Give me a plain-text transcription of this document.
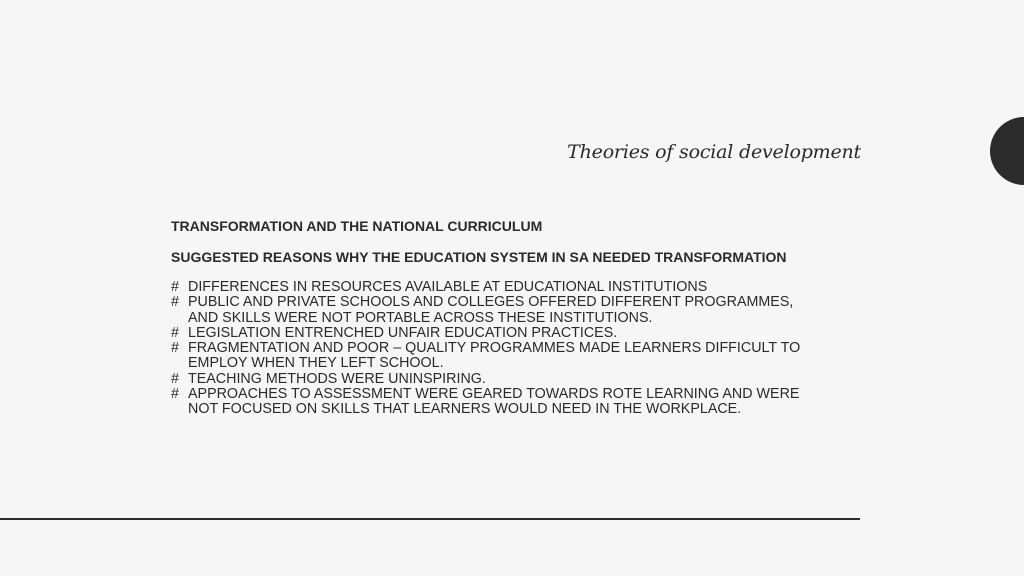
Theories of social development

TRANSFORMATION AND THE NATIONAL CURRICULUM

SUGGESTED REASONS WHY THE EDUCATION SYSTEM IN SA NEEDED TRANSFORMATION

# DIFFERENCES IN RESOURCES AVAILABLE AT EDUCATIONAL INSTITUTIONS
# PUBLIC AND PRIVATE SCHOOLS AND COLLEGES OFFERED DIFFERENT PROGRAMMES,
AND SKILLS WERE NOT PORTABLE ACROSS THESE INSTITUTIONS.
# LEGISLATION ENTRENCHED UNFAIR EDUCATION PRACTICES.
# FRAGMENTATION AND POOR – QUALITY PROGRAMMES MADE LEARNERS DIFFICULT TO
EMPLOY WHEN THEY LEFT SCHOOL.
# TEACHING METHODS WERE UNINSPIRING.
# APPROACHES TO ASSESSMENT WERE GEARED TOWARDS ROTE LEARNING AND WERE
NOT FOCUSED ON SKILLS THAT LEARNERS WOULD NEED IN THE WORKPLACE.
